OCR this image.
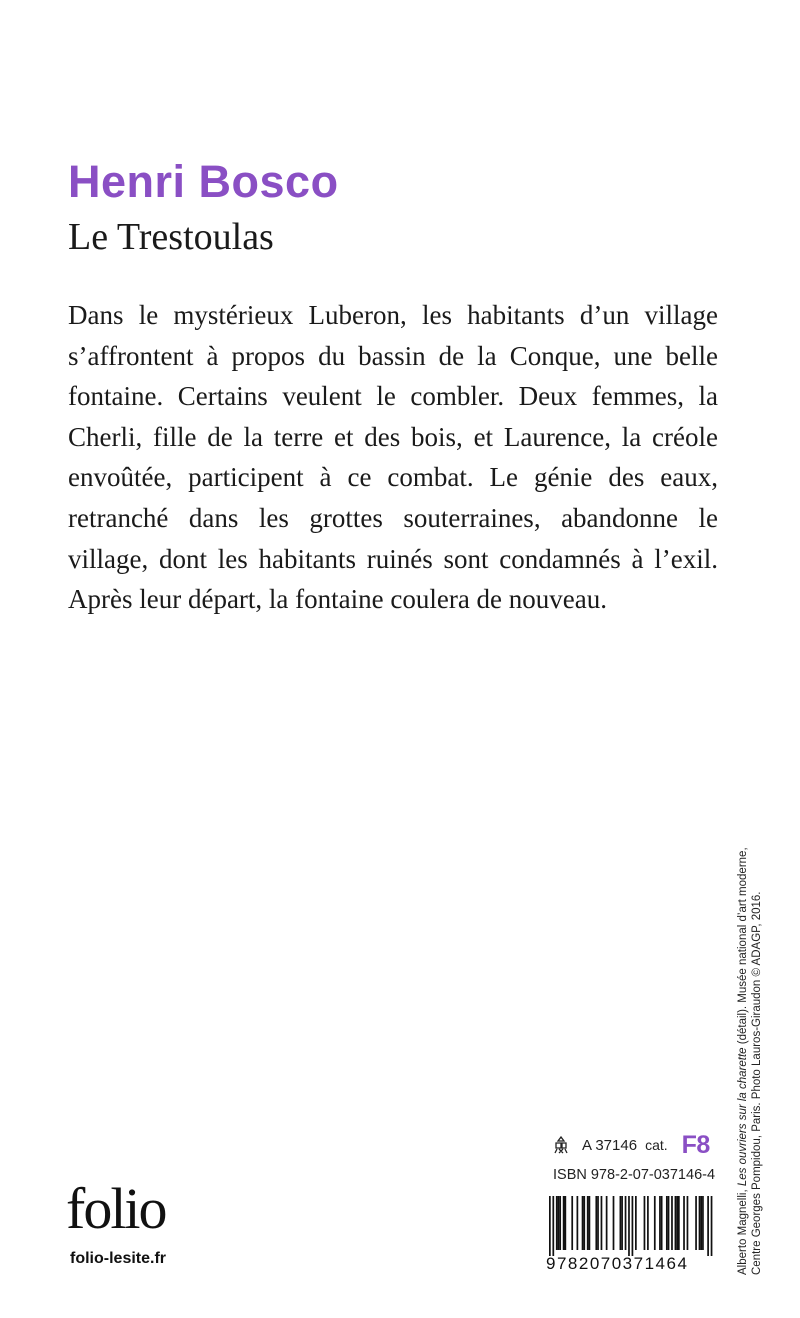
Henri Bosco
Le Trestoulas

Dans le mystérieux Luberon, les habitants d’un village s’affrontent à propos du bassin de la Conque, une belle fontaine. Certains veulent le combler. Deux femmes, la Cherli, fille de la terre et des bois, et Laurence, la créole envoûtée, participent à ce combat. Le génie des eaux, retranché dans les grottes souterraines, abandonne le village, dont les habitants ruinés sont condamnés à l’exil. Après leur départ, la fontaine coulera de nouveau.

Alberto Magnelli, Les ouvriers sur la charette (détail). Musée national d’art moderne, Centre Georges Pompidou, Paris. Photo Lauros-Giraudon © ADAGP, 2016.
A 37146 cat. F8
ISBN 978-2-07-037146-4
9782070371464
folio
folio-lesite.fr
